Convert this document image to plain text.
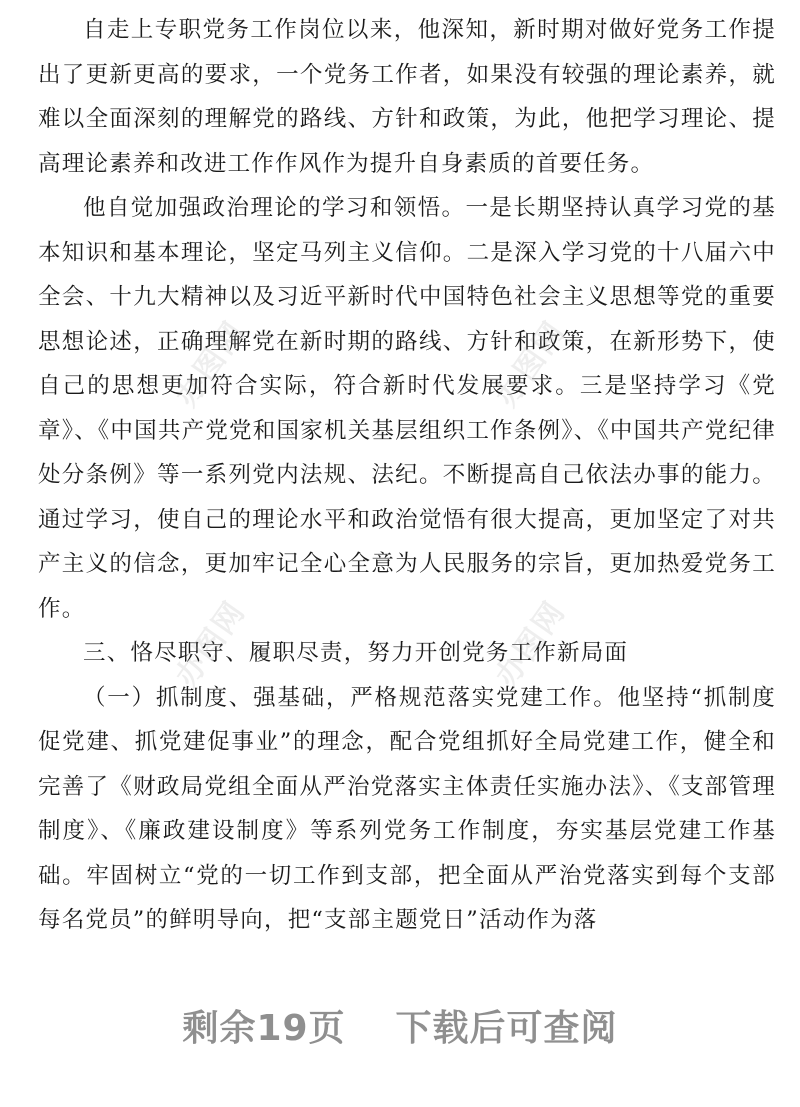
自走上专职党务工作岗位以来，他深知，新时期对做好党务工作提出了更新更高的要求，一个党务工作者，如果没有较强的理论素养，就难以全面深刻的理解党的路线、方针和政策，为此，他把学习理论、提高理论素养和改进工作作风作为提升自身素质的首要任务。

他自觉加强政治理论的学习和领悟。一是长期坚持认真学习党的基本知识和基本理论，坚定马列主义信仰。二是深入学习党的十八届六中全会、十九大精神以及习近平新时代中国特色社会主义思想等党的重要思想论述，正确理解党在新时期的路线、方针和政策，在新形势下，使自己的思想更加符合实际，符合新时代发展要求。三是坚持学习《党章》、《中国共产党党和国家机关基层组织工作条例》、《中国共产党纪律处分条例》等一系列党内法规、法纪。不断提高自己依法办事的能力。通过学习，使自己的理论水平和政治觉悟有很大提高，更加坚定了对共产主义的信念，更加牢记全心全意为人民服务的宗旨，更加热爱党务工作。

三、恪尽职守、履职尽责，努力开创党务工作新局面

（一）抓制度、强基础，严格规范落实党建工作。他坚持“抓制度促党建、抓党建促事业”的理念，配合党组抓好全局党建工作，健全和完善了《财政局党组全面从严治党落实主体责任实施办法》、《支部管理制度》、《廉政建设制度》等系列党务工作制度，夯实基层党建工作基础。牢固树立“党的一切工作到支部，把全面从严治党落实到每个支部每名党员”的鲜明导向，把“支部主题党日”活动作为落

办图网	办图网
办图网	办图网
剩余19页 下载后可查阅
